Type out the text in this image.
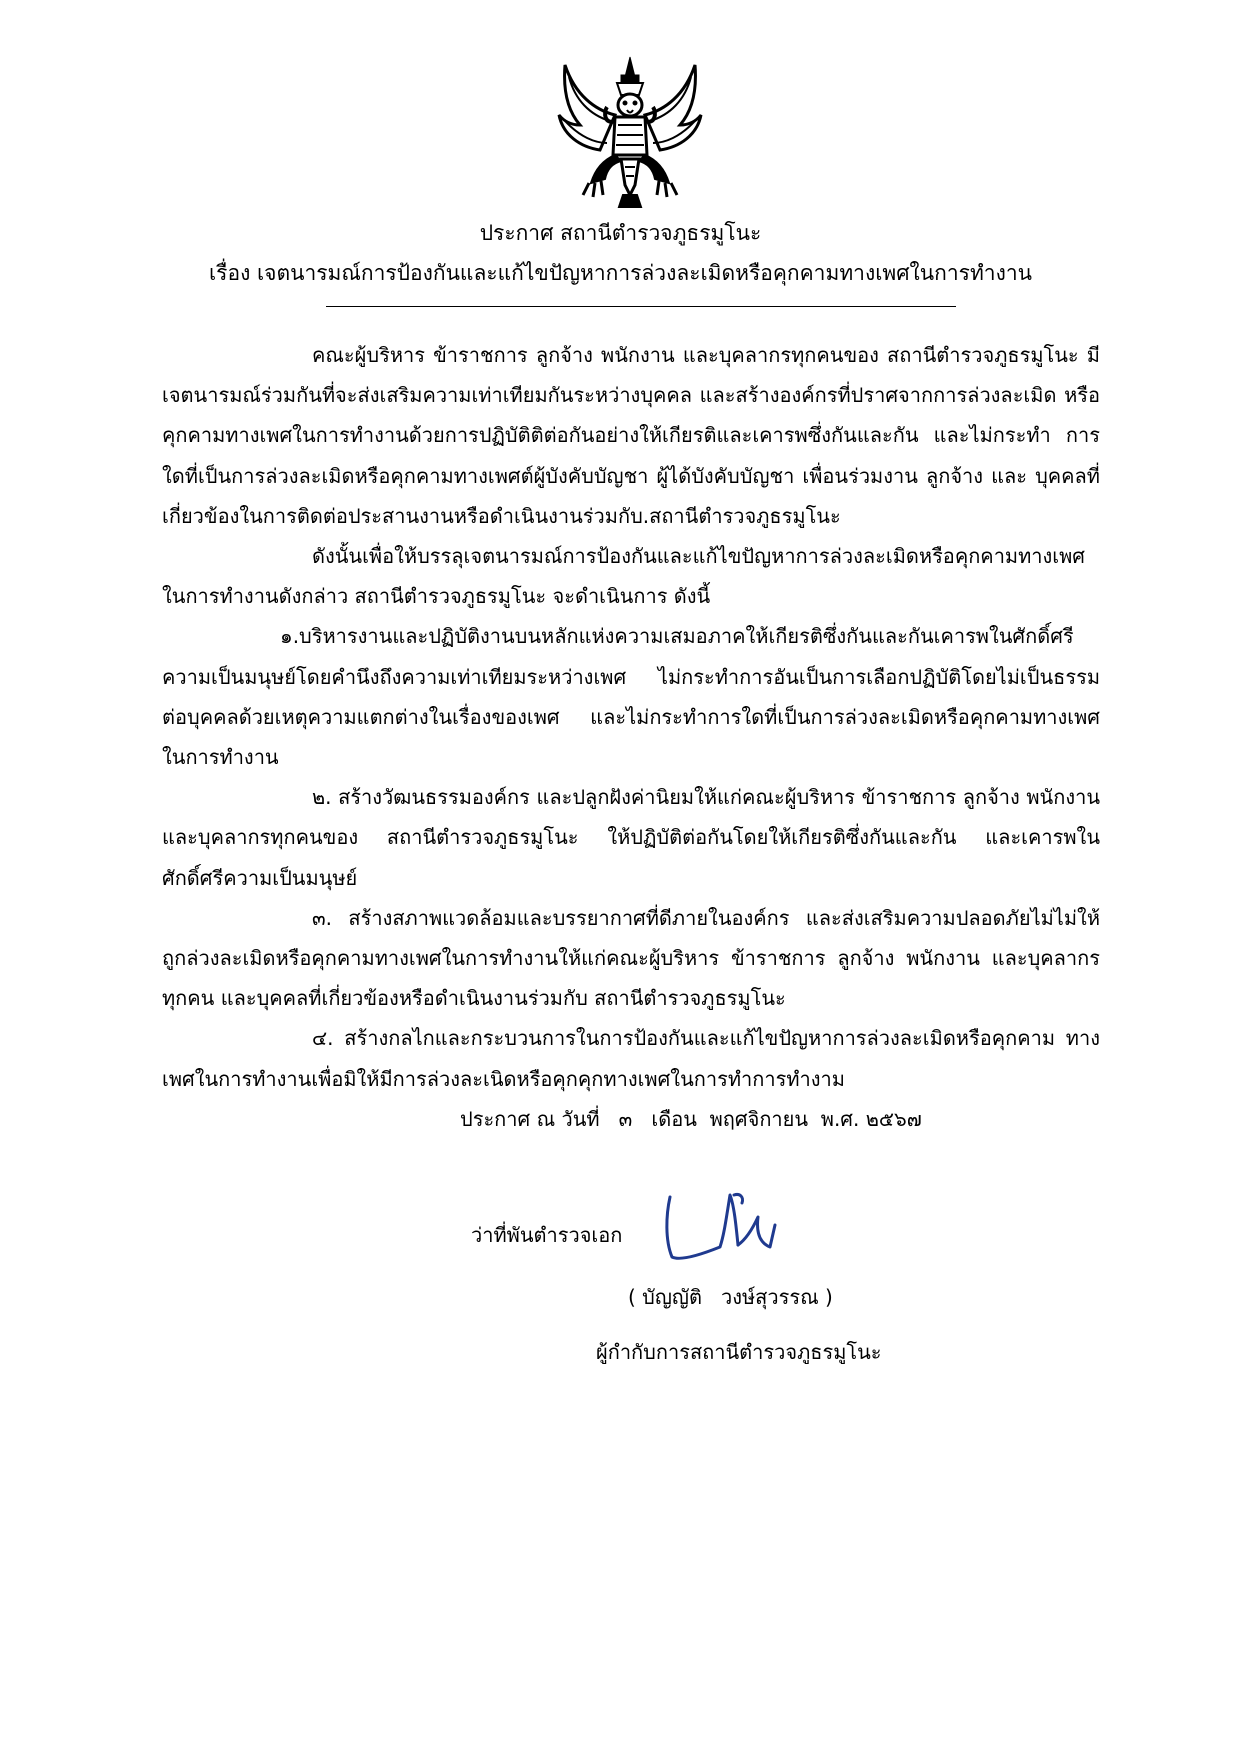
ประกาศ สถานีตำรวจภูธรมูโนะ
เรื่อง เจตนารมณ์การป้องกันและแก้ไขปัญหาการล่วงละเมิดหรือคุกคามทางเพศในการทำงาน

คณะผู้บริหาร ข้าราชการ ลูกจ้าง พนักงาน และบุคลากรทุกคนของ สถานีตำรวจภูธรมูโนะ มีเจตนารมณ์ร่วมกันที่จะส่งเสริมความเท่าเทียมกันระหว่างบุคคล และสร้างองค์กรที่ปราศจากการล่วงละเมิด หรือคุกคามทางเพศในการทำงานด้วยการปฏิบัติติต่อกันอย่างให้เกียรติและเคารพซึ่งกันและกัน และไม่กระทำ การใดที่เป็นการล่วงละเมิดหรือคุกคามทางเพศต์ผู้บังคับบัญชา ผู้ได้บังคับบัญชา เพื่อนร่วมงาน ลูกจ้าง และ บุคคลที่เกี่ยวข้องในการติดต่อประสานงานหรือดำเนินงานร่วมกับ.สถานีตำรวจภูธรมูโนะ

ดังนั้นเพื่อให้บรรลุเจตนารมณ์การป้องกันและแก้ไขปัญหาการล่วงละเมิดหรือคุกคามทางเพศ ในการทำงานดังกล่าว สถานีตำรวจภูธรมูโนะ จะดำเนินการ ดังนี้

๑.บริหารงานและปฏิบัติงานบนหลักแห่งความเสมอภาคให้เกียรติซึ่งกันและกันเคารพในศักดิ์ศรี ความเป็นมนุษย์โดยคำนึงถึงความเท่าเทียมระหว่างเพศ ไม่กระทำการอันเป็นการเลือกปฏิบัติโดยไม่เป็นธรรม ต่อบุคคลด้วยเหตุความแตกต่างในเรื่องของเพศ และไม่กระทำการใดที่เป็นการล่วงละเมิดหรือคุกคามทางเพศ ในการทำงาน

๒. สร้างวัฒนธรรมองค์กร และปลูกฝังค่านิยมให้แก่คณะผู้บริหาร ข้าราชการ ลูกจ้าง พนักงาน และบุคลากรทุกคนของ สถานีตำรวจภูธรมูโนะ ให้ปฏิบัติต่อกันโดยให้เกียรติซึ่งกันและกัน และเคารพใน ศักดิ์ศรีความเป็นมนุษย์

๓. สร้างสภาพแวดล้อมและบรรยากาศที่ดีภายในองค์กร และส่งเสริมความปลอดภัยไม่ไม่ให้ ถูกล่วงละเมิดหรือคุกคามทางเพศในการทำงานให้แก่คณะผู้บริหาร ข้าราชการ ลูกจ้าง พนักงาน และบุคลากร ทุกคน และบุคคลที่เกี่ยวข้องหรือดำเนินงานร่วมกับ สถานีตำรวจภูธรมูโนะ

๔. สร้างกลไกและกระบวนการในการป้องกันและแก้ไขปัญหาการล่วงละเมิดหรือคุกคาม ทางเพศในการทำงานเพื่อมิให้มีการล่วงละเนิดหรือคุกคุกทางเพศในการทำการทำงาม

ประกาศ ณ วันที่   ๓   เดือน  พฤศจิกายน  พ.ศ. ๒๕๖๗
ว่าที่พันตำรวจเอก
( บัญญัติ   วงษ์สุวรรณ )
ผู้กำกับการสถานีตำรวจภูธรมูโนะ
